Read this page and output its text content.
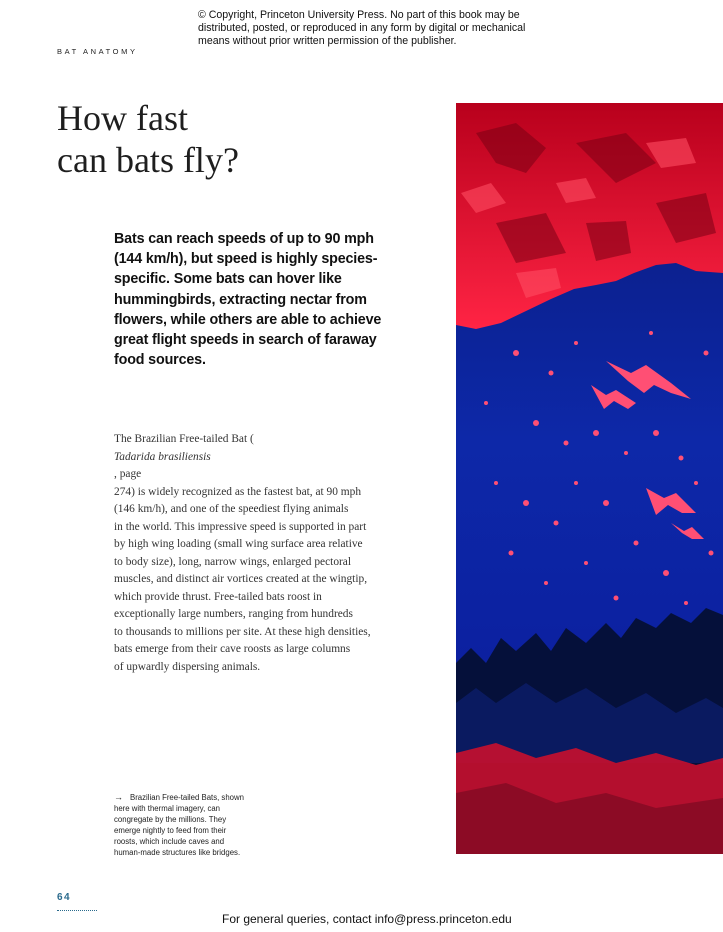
© Copyright, Princeton University Press. No part of this book may be
distributed, posted, or reproduced in any form by digital or mechanical
means without prior written permission of the publisher.
BAT ANATOMY
How fast
can bats fly?

Bats can reach speeds of up to 90 mph
(144 km/h), but speed is highly species-
specific. Some bats can hover like
hummingbirds, extracting nectar from
flowers, while others are able to achieve
great flight speeds in search of faraway
food sources.

The Brazilian Free-tailed Bat (
Tadarida brasiliensis
, page
274) is widely recognized as the fastest bat, at 90 mph
(146 km/h), and one of the speediest flying animals
in the world. This impressive speed is supported in part
by high wing loading (small wing surface area relative
to body size), long, narrow wings, enlarged pectoral
muscles, and distinct air vortices created at the wingtip,
which provide thrust. Free-tailed bats roost in
exceptionally large numbers, ranging from hundreds
to thousands to millions per site. At these high densities,
bats emerge from their cave roosts as large columns
of upwardly dispersing animals.

→ Brazilian Free-tailed Bats, shown
here with thermal imagery, can
congregate by the millions. They
emerge nightly to feed from their
roosts, which include caves and
human-made structures like bridges.

64
For general queries, contact info@press.princeton.edu
